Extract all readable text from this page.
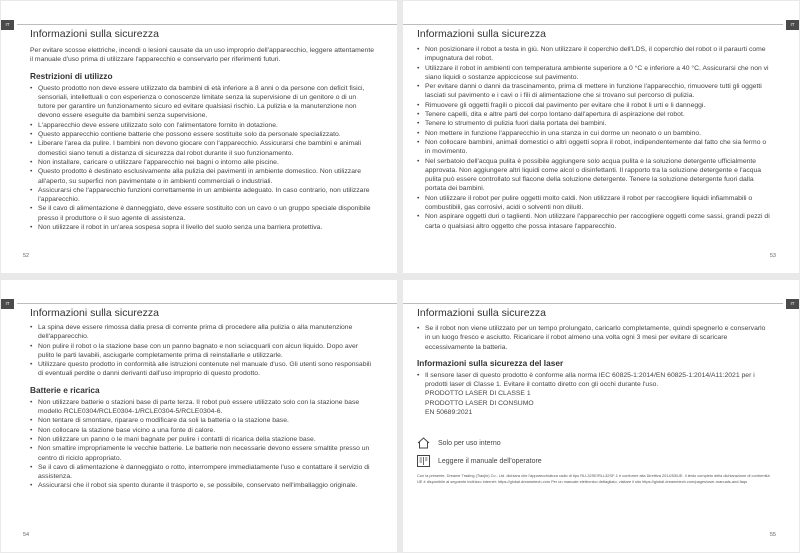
IT
Informazioni sulla sicurezza

Per evitare scosse elettriche, incendi o lesioni causate da un uso improprio dell'apparecchio, leggere attentamente il manuale d'uso prima di utilizzare l'apparecchio e conservarlo per riferimenti futuri.

Restrizioni di utilizzo
• Questo prodotto non deve essere utilizzato da bambini di età inferiore a 8 anni o da persone con deficit fisici, sensoriali, intellettuali o con esperienza o conoscenze limitate senza la supervisione di un genitore o di un tutore per garantire un funzionamento sicuro ed evitare qualsiasi rischio. La pulizia e la manutenzione non devono essere eseguite da bambini senza supervisione.
• L'apparecchio deve essere utilizzato solo con l'alimentatore fornito in dotazione.
• Questo apparecchio contiene batterie che possono essere sostituite solo da personale specializzato.
• Liberare l'area da pulire. I bambini non devono giocare con l'apparecchio. Assicurarsi che bambini e animali domestici siano tenuti a distanza di sicurezza dal robot durante il suo funzionamento.
• Non installare, caricare o utilizzare l'apparecchio nei bagni o intorno alle piscine.
• Questo prodotto è destinato esclusivamente alla pulizia dei pavimenti in ambiente domestico. Non utilizzare all'aperto, su superfici non pavimentate o in ambienti commerciali o industriali.
• Assicurarsi che l'apparecchio funzioni correttamente in un ambiente adeguato. In caso contrario, non utilizzare l'apparecchio.
• Se il cavo di alimentazione è danneggiato, deve essere sostituito con un cavo o un gruppo speciale disponibile presso il produttore o il suo agente di assistenza.
• Non utilizzare il robot in un'area sospesa sopra il livello del suolo senza una barriera protettiva.
52
IT
Informazioni sulla sicurezza
• Non posizionare il robot a testa in giù. Non utilizzare il coperchio dell'LDS, il coperchio del robot o il paraurti come impugnatura del robot.
• Utilizzare il robot in ambienti con temperatura ambiente superiore a 0 °C e inferiore a 40 °C. Assicurarsi che non vi siano liquidi o sostanze appiccicose sul pavimento.
• Per evitare danni o danni da trascinamento, prima di mettere in funzione l'apparecchio, rimuovere tutti gli oggetti lasciati sul pavimento e i cavi o i fili di alimentazione che si trovano sul percorso di pulizia.
• Rimuovere gli oggetti fragili o piccoli dal pavimento per evitare che il robot li urti e li danneggi.
• Tenere capelli, dita e altre parti del corpo lontano dall'apertura di aspirazione del robot.
• Tenere lo strumento di pulizia fuori dalla portata dei bambini.
• Non mettere in funzione l'apparecchio in una stanza in cui dorme un neonato o un bambino.
• Non collocare bambini, animali domestici o altri oggetti sopra il robot, indipendentemente dal fatto che sia fermo o in movimento.
• Nel serbatoio dell'acqua pulita è possibile aggiungere solo acqua pulita e la soluzione detergente ufficialmente approvata. Non aggiungere altri liquidi come alcol o disinfettanti. Il rapporto tra la soluzione detergente e l'acqua pulita può essere controllato sul flacone della soluzione detergente. Tenere la soluzione detergente fuori dalla portata dei bambini.
• Non utilizzare il robot per pulire oggetti molto caldi. Non utilizzare il robot per raccogliere liquidi infiammabili o combustibili, gas corrosivi, acidi o solventi non diluiti.
• Non aspirare oggetti duri o taglienti. Non utilizzare l'apparecchio per raccogliere oggetti come sassi, grandi pezzi di carta o qualsiasi altro oggetto che possa intasare l'apparecchio.
53
IT
Informazioni sulla sicurezza
• La spina deve essere rimossa dalla presa di corrente prima di procedere alla pulizia o alla manutenzione dell'apparecchio.
• Non pulire il robot o la stazione base con un panno bagnato e non sciacquarli con alcun liquido. Dopo aver pulito le parti lavabili, asciugarle completamente prima di reinstallarle e utilizzarle.
• Utilizzare questo prodotto in conformità alle istruzioni contenute nel manuale d'uso. Gli utenti sono responsabili di eventuali perdite o danni derivanti dall'uso improprio di questo prodotto.
Batterie e ricarica
• Non utilizzare batterie o stazioni base di parte terza. Il robot può essere utilizzato solo con la stazione base modello RCLE0304/RCLE0304-1/RCLE0304-5/RCLE0304-6.
• Non tentare di smontare, riparare o modificare da soli la batteria o la stazione base.
• Non collocare la stazione base vicino a una fonte di calore.
• Non utilizzare un panno o le mani bagnate per pulire i contatti di ricarica della stazione base.
• Non smaltire impropriamente le vecchie batterie. Le batterie non necessarie devono essere smaltite presso un centro di riciclo appropriato.
• Se il cavo di alimentazione è danneggiato o rotto, interrompere immediatamente l'uso e contattare il servizio di assistenza.
• Assicurarsi che il robot sia spento durante il trasporto e, se possibile, conservato nell'imballaggio originale.
54
IT
Informazioni sulla sicurezza
• Se il robot non viene utilizzato per un tempo prolungato, caricarlo completamente, quindi spegnerlo e conservarlo in un luogo fresco e asciutto. Ricaricare il robot almeno una volta ogni 3 mesi per evitare di scaricare eccessivamente la batteria.
Informazioni sulla sicurezza del laser
• Il sensore laser di questo prodotto è conforme alla norma IEC 60825-1:2014/EN 60825-1:2014/A11:2021 per i prodotti laser di Classe 1. Evitare il contatto diretto con gli occhi durante l'uso.
PRODOTTO LASER DI CLASSE 1
PRODOTTO LASER DI CONSUMO
EN 50689:2021
Solo per uso interno
Leggere il manuale dell'operatore
Con la presente, Dreame Trading (Tianjin) Co., Ltd. dichiara che l'apparecchiatura radio di tipo RLL32SE/RLL32SF-1 è conforme alla Direttiva 2014/53/UE. Il testo completo della dichiarazione di conformità UE è disponibile al seguente indirizzo internet: https://global.dreametech.com Per un manuale elettronico dettagliato, visitare il sito https://global.dreametech.com/pages/user-manuals-and-faqs
55
